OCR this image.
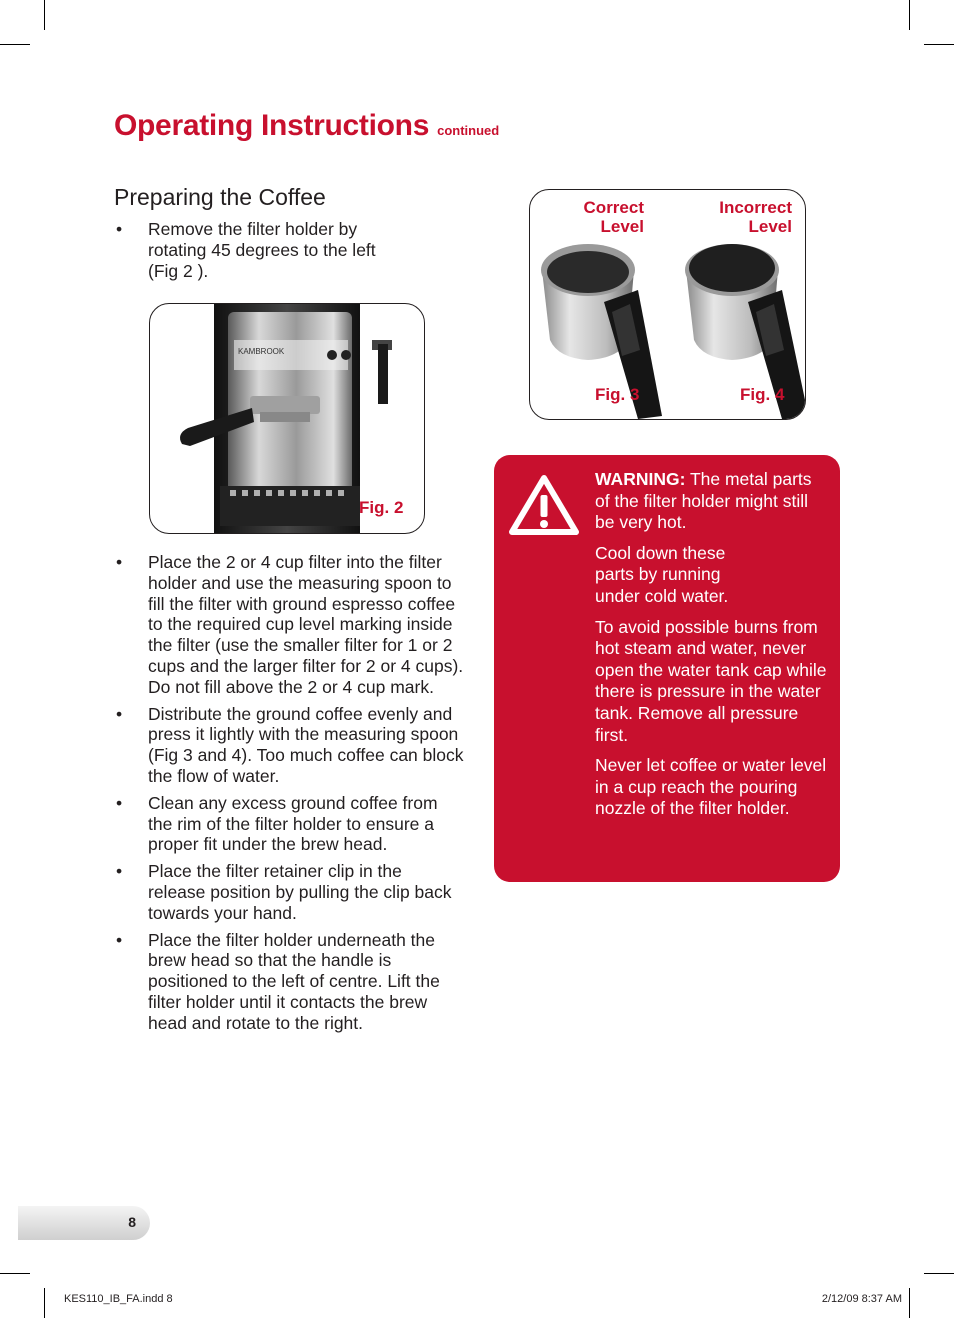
Operating Instructions continued
Preparing the Coffee
• Remove the filter holder by rotating 45 degrees to the left (Fig 2 ).
KAMBROOK
Fig. 2
Correct
Level
Incorrect
Level
Fig. 3	Fig. 4
• Place the 2 or 4 cup filter into the filter holder and use the measuring spoon to fill the filter with ground espresso coffee to the required cup level marking inside the filter (use the smaller filter for 1 or 2 cups and the larger filter for 2 or 4 cups). Do not fill above the 2 or 4 cup mark.
• Distribute the ground coffee evenly and press it lightly with the measuring spoon (Fig 3 and 4). Too much coffee can block the flow of water.
• Clean any excess ground coffee from the rim of the filter holder to ensure a proper fit under the brew head.
• Place the filter retainer clip in the release position by pulling the clip back towards your hand.
• Place the filter holder underneath the brew head so that the handle is positioned to the left of centre. Lift the filter holder until it contacts the brew head and rotate to the right.

WARNING: The metal parts of the filter holder might still be very hot.

Cool down these parts by running under cold water.

To avoid possible burns from hot steam and water, never open the water tank cap while there is pressure in the water tank. Remove all pressure first.

Never let coffee or water level in a cup reach the pouring nozzle of the filter holder.

8
KES110_IB_FA.indd 8	2/12/09 8:37 AM
